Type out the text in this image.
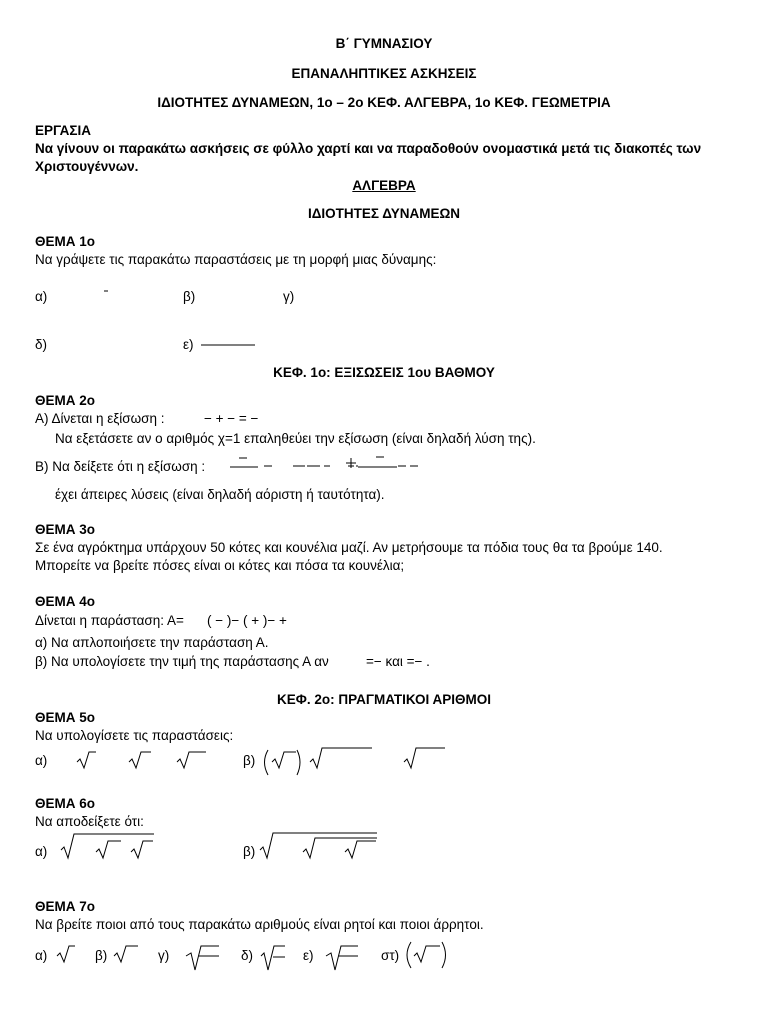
Β΄ ΓΥΜΝΑΣΙΟΥ
ΕΠΑΝΑΛΗΠΤΙΚΕΣ ΑΣΚΗΣΕΙΣ
ΙΔΙΟΤΗΤΕΣ ΔΥΝΑΜΕΩΝ, 1ο – 2ο ΚΕΦ. ΑΛΓΕΒΡΑ, 1ο ΚΕΦ. ΓΕΩΜΕΤΡΙΑ
ΕΡΓΑΣΙΑ
Να γίνουν οι παρακάτω ασκήσεις σε φύλλο χαρτί και να παραδοθούν ονομαστικά μετά τις διακοπές των
Χριστουγέννων.
ΑΛΓΕΒΡΑ
ΙΔΙΟΤΗΤΕΣ ΔΥΝΑΜΕΩΝ
ΘΕΜΑ 1ο
Να γράψετε τις παρακάτω παραστάσεις με τη μορφή μιας δύναμης:
α)	β)	γ)
δ)	ε)
ΚΕΦ. 1ο: ΕΞΙΣΩΣΕΙΣ 1ου ΒΑΘΜΟΥ
ΘΕΜΑ 2ο
Α) Δίνεται η εξίσωση :	− + − = −
Να εξετάσετε αν ο αριθμός χ=1 επαληθεύει την εξίσωση (είναι δηλαδή λύση της).
Β) Να δείξετε ότι η εξίσωση :
έχει άπειρες λύσεις (είναι δηλαδή αόριστη ή ταυτότητα).
ΘΕΜΑ 3ο
Σε ένα αγρόκτημα υπάρχουν 50 κότες και κουνέλια μαζί. Αν μετρήσουμε τα πόδια τους θα τα βρούμε 140.
Μπορείτε να βρείτε πόσες είναι οι κότες και πόσα τα κουνέλια;
ΘΕΜΑ 4ο
Δίνεται η παράσταση: Α= ( − )− ( + )− +
α) Να απλοποιήσετε την παράσταση Α.
β) Να υπολογίσετε την τιμή της παράστασης Α αν	=− και =− .
ΚΕΦ. 2ο: ΠΡΑΓΜΑΤΙΚΟΙ ΑΡΙΘΜΟΙ
ΘΕΜΑ 5ο
Να υπολογίσετε τις παραστάσεις:
α)	β)
ΘΕΜΑ 6ο
Να αποδείξετε ότι:
α)	β)
ΘΕΜΑ 7ο
Να βρείτε ποιοι από τους παρακάτω αριθμούς είναι ρητοί και ποιοι άρρητοι.
α)	β)	γ)	δ)	ε)	στ)
